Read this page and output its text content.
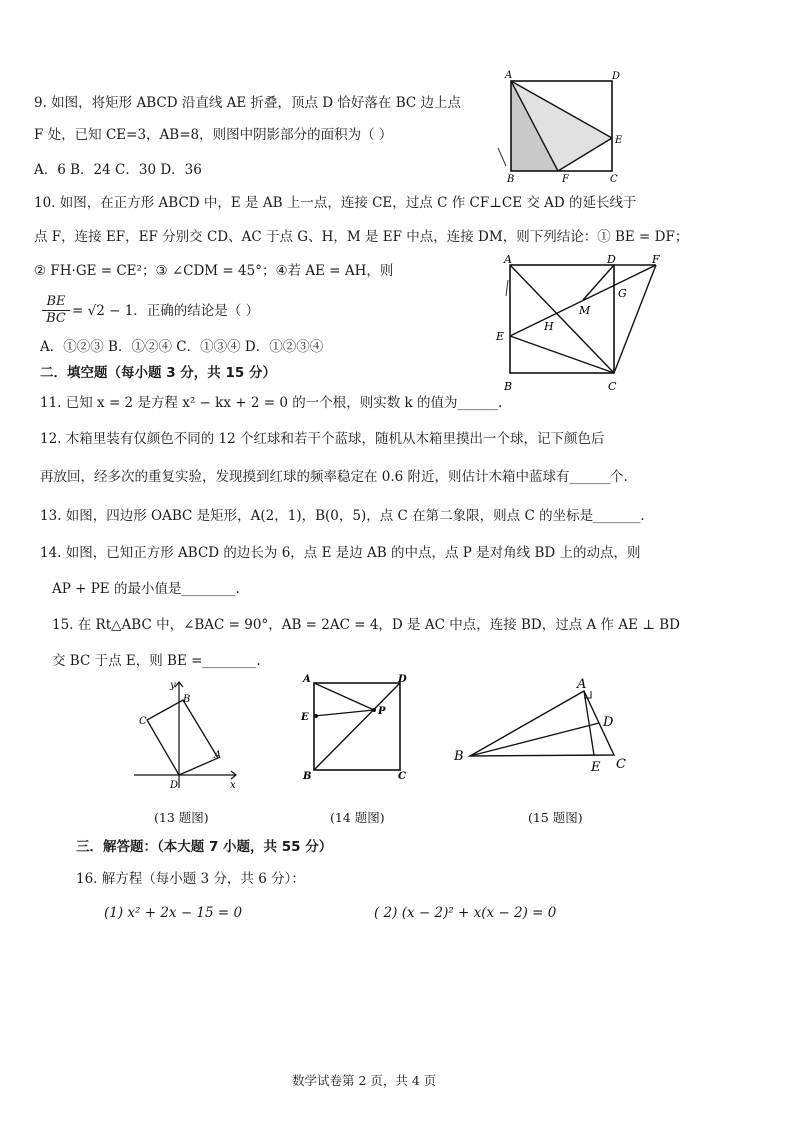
9. 如图，将矩形 ABCD 沿直线 AE 折叠，顶点 D 恰好落在 BC 边上点
F 处，已知 CE=3，AB=8，则图中阴影部分的面积为（ ）
A．6 B．24 C．30 D．36
A	D
E
B	F	C
10. 如图，在正方形 ABCD 中，E 是 AB 上一点，连接 CE，过点 C 作 CF⊥CE 交 AD 的延长线于
点 F，连接 EF，EF 分别交 CD、AC 于点 G、H，M 是 EF 中点，连接 DM，则下列结论：① BE = DF；
② FH·GE = CE²；③ ∠CDM = 45°；④若 AE = AH，则
$\frac{BE}{BC} = √2 - 1$．正确的结论是（ ）
A．①②③ B．①②④ C．①③④ D．①②③④
A	D	F
G
M
H
E
B	C
二．填空题（每小题 3 分，共 15 分）
11. 已知 x = 2 是方程 x² − kx + 2 = 0 的一个根，则实数 k 的值为______.
12. 木箱里装有仅颜色不同的 12 个红球和若干个蓝球，随机从木箱里摸出一个球，记下颜色后
再放回，经多次的重复实验，发现摸到红球的频率稳定在 0.6 附近，则估计木箱中蓝球有______个.
13. 如图，四边形 OABC 是矩形，A(2，1)，B(0，5)，点 C 在第二象限，则点 C 的坐标是_______.
14. 如图，已知正方形 ABCD 的边长为 6，点 E 是边 AB 的中点，点 P 是对角线 BD 上的动点，则
AP + PE 的最小值是________.
15. 在 Rt△ABC 中，∠BAC = 90°，AB = 2AC = 4，D 是 AC 中点，连接 BD，过点 A 作 AE ⊥ BD
交 BC 于点 E，则 BE =________.
y
B
C
A
D	x
A	D
E
P
B	C
A
D
B
E C
(13 题图)	(14 题图)	(15 题图)
三．解答题：（本大题 7 小题，共 55 分）
16. 解方程（每小题 3 分，共 6 分）：
(1) x² + 2x − 15 = 0	( 2) (x − 2)² + x(x − 2) = 0
数学试卷第 2 页，共 4 页
